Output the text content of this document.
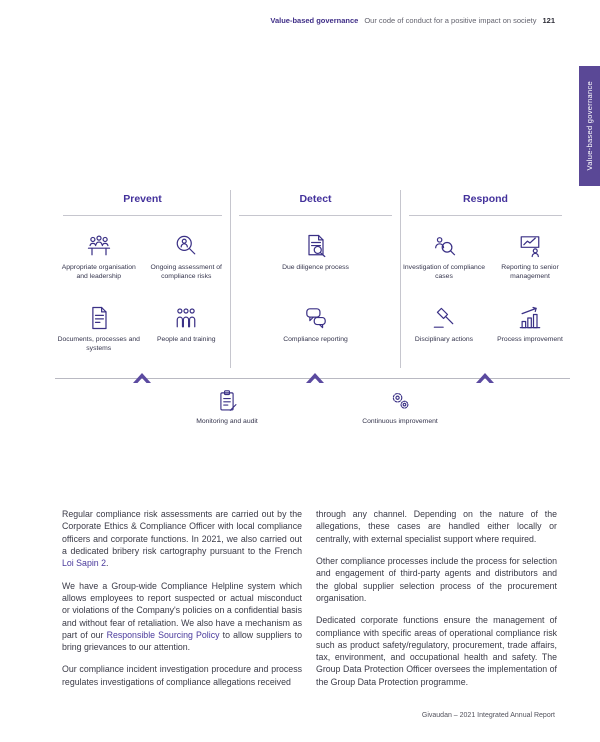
Value-based governance Our code of conduct for a positive impact on society 121
Value-based governance
Prevent
Appropriate organisation and leadership
Ongoing assessment of compliance risks
Documents, processes and systems
People and training
Detect
Due diligence process
Compliance reporting
Respond
Investigation of compliance cases
Reporting to senior management
Disciplinary actions	Process improvement
Monitoring and audit	Continuous improvement

Regular compliance risk assessments are carried out by the Corporate Ethics & Compliance Officer with local compliance officers and corporate functions. In 2021, we also carried out a dedicated bribery risk cartography pursuant to the French Loi Sapin 2.

We have a Group-wide Compliance Helpline system which allows employees to report suspected or actual misconduct or violations of the Company's policies on a confidential basis and without fear of retaliation. We also have a mechanism as part of our Responsible Sourcing Policy to allow suppliers to bring grievances to our attention.

Our compliance incident investigation procedure and process regulates investigations of compliance allegations received

through any channel. Depending on the nature of the allegations, these cases are handled either locally or centrally, with external specialist support where required.

Other compliance processes include the process for selection and engagement of third-party agents and distributors and the global supplier selection process of the procurement organisation.

Dedicated corporate functions ensure the management of compliance with specific areas of operational compliance risk such as product safety/regulatory, procurement, trade affairs, tax, environment, and occupational health and safety. The Group Data Protection Officer oversees the implementation of the Group Data Protection programme.

Givaudan – 2021 Integrated Annual Report
